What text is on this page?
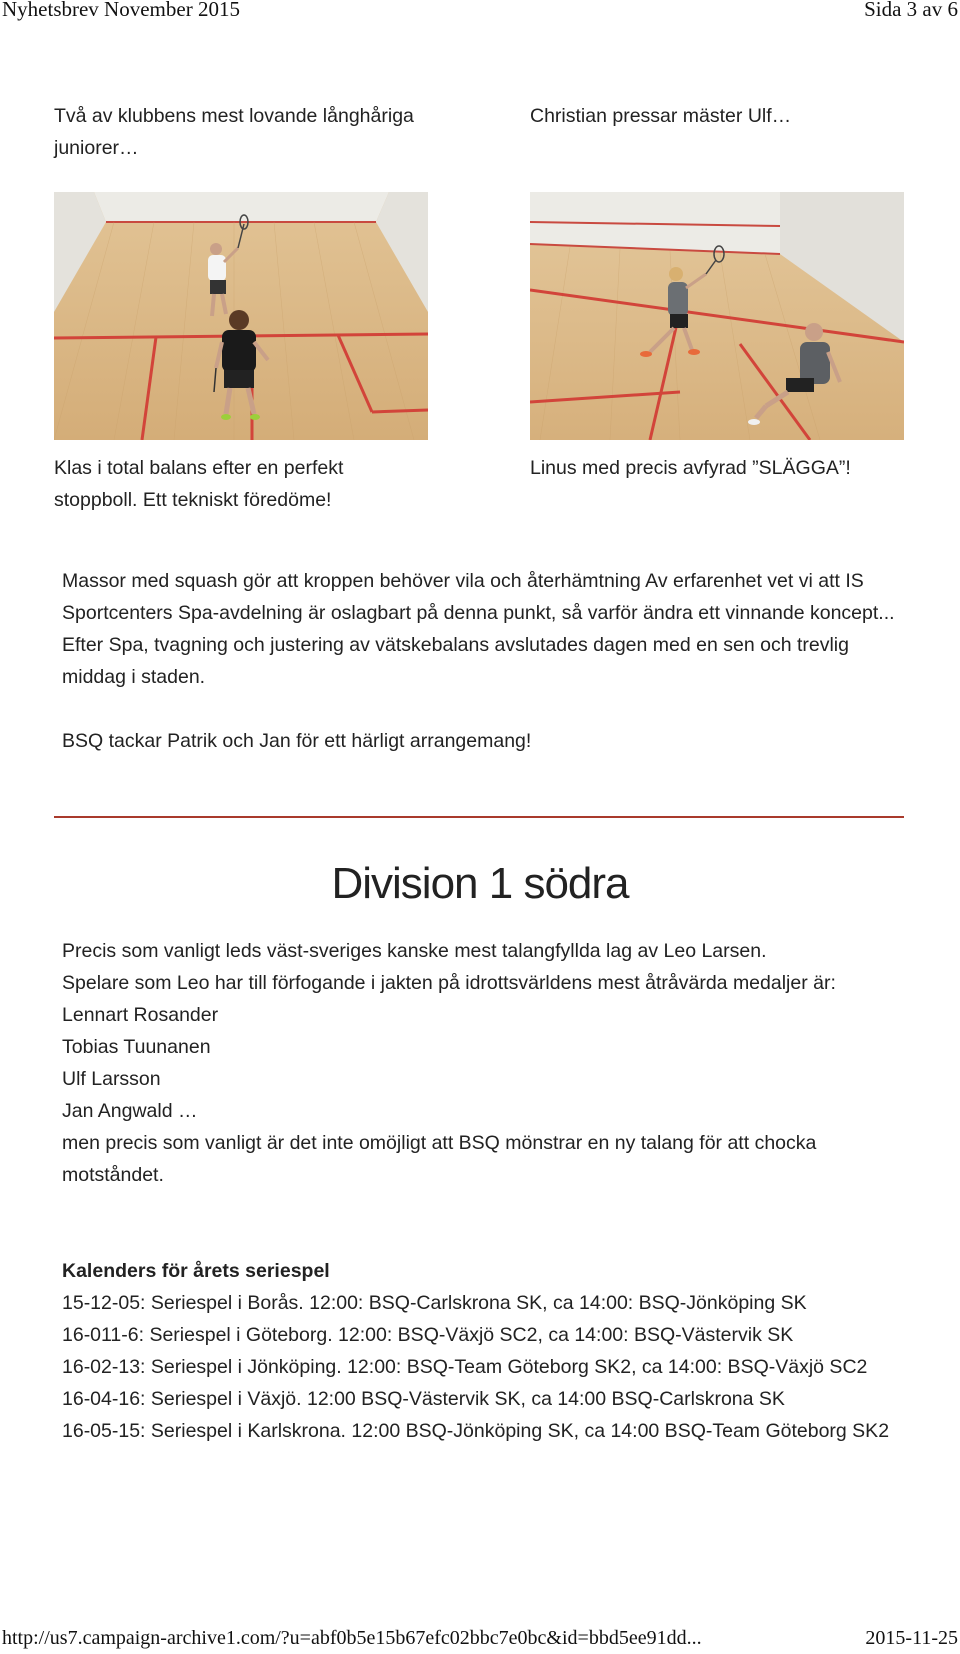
Nyhetsbrev November 2015	Sida 3 av 6
Två av klubbens mest lovande långhåriga juniorer…
Klas i total balans efter en perfekt stoppboll. Ett tekniskt föredöme!
Christian pressar mäster Ulf…
Linus med precis avfyrad ”SLÄGGA”!
Massor med squash gör att kroppen behöver vila och återhämtning Av erfarenhet vet vi att IS Sportcenters Spa-avdelning är oslagbart på denna punkt, så varför ändra ett vinnande koncept... Efter Spa, tvagning och justering av vätskebalans avslutades dagen med en sen och trevlig middag i staden.
BSQ tackar Patrik och Jan för ett härligt arrangemang!
Division 1 södra

Precis som vanligt leds väst-sveriges kanske mest talangfyllda lag av Leo Larsen.

Spelare som Leo har till förfogande i jakten på idrottsvärldens mest åtråvärda medaljer är:

Lennart Rosander

Tobias Tuunanen

Ulf Larsson

Jan Angwald …

men precis som vanligt är det inte omöjligt att BSQ mönstrar en ny talang för att chocka motståndet.

Kalenders för årets seriespel

15-12-05: Seriespel i Borås. 12:00: BSQ-Carlskrona SK, ca 14:00: BSQ-Jönköping SK

16-011-6: Seriespel i Göteborg. 12:00: BSQ-Växjö SC2, ca 14:00: BSQ-Västervik SK

16-02-13: Seriespel i Jönköping. 12:00: BSQ-Team Göteborg SK2, ca 14:00: BSQ-Växjö SC2

16-04-16: Seriespel i Växjö. 12:00 BSQ-Västervik SK, ca 14:00 BSQ-Carlskrona SK

16-05-15: Seriespel i Karlskrona. 12:00 BSQ-Jönköping SK, ca 14:00 BSQ-Team Göteborg SK2

http://us7.campaign-archive1.com/?u=abf0b5e15b67efc02bbc7e0bc&id=bbd5ee91dd...	2015-11-25
